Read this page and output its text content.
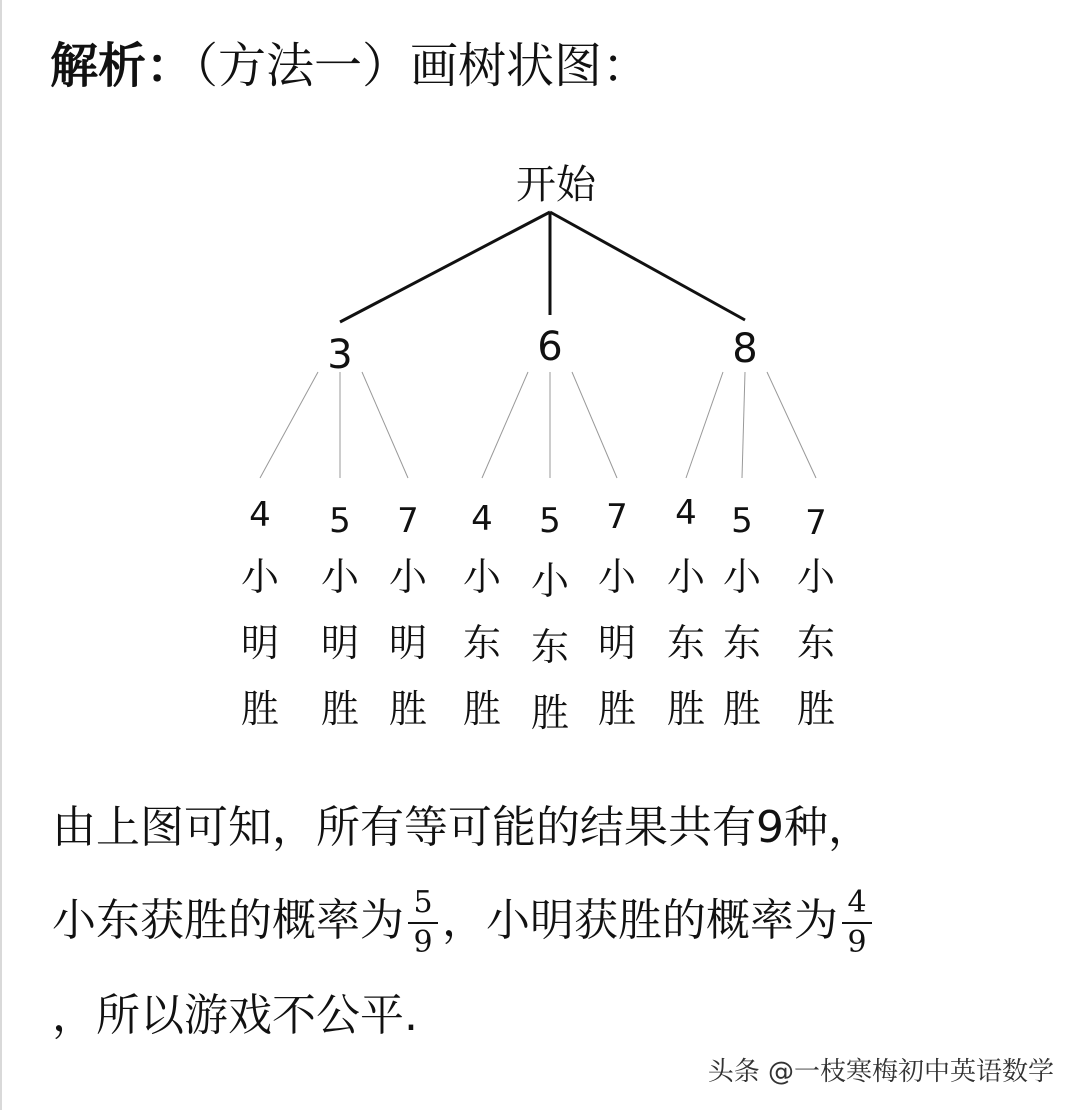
解析：（方法一）画树状图：
开始
3	6	8
4
小
明
胜
5
小
明
胜
7
小
明
胜
4
小
东
胜
5
小
东
胜
7
小
明
胜
4
小
东
胜
5
小
东
胜
7
小
东
胜
由上图可知，所有等可能的结果共有9种，
小东获胜的概率为 $\frac{5}{9}$ ，小明获胜的概率为 $\frac{4}{9}$
，所以游戏不公平.
头条 @一枝寒梅初中英语数学
